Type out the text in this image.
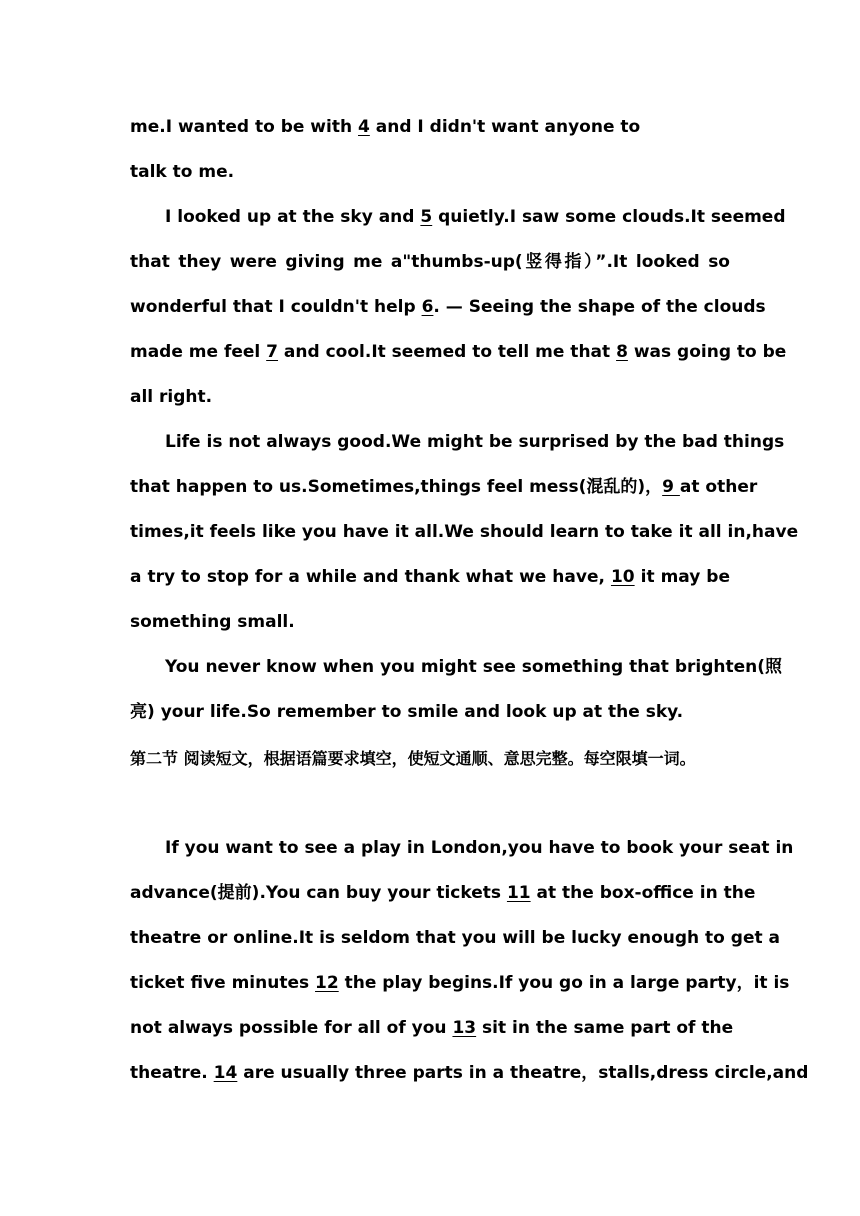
me.I wanted to be with 4 and I didn't want anyone to
talk to me.
I looked up at the sky and 5 quietly.I saw some clouds.It seemed
that they were giving me a"thumbs-up(竖得指）”.It looked so
wonderful that I couldn't help 6. — Seeing the shape of the clouds
made me feel 7 and cool.It seemed to tell me that 8 was going to be
all right.
Life is not always good.We might be surprised by the bad things
that happen to us.Sometimes,things feel mess(混乱的)，9 at other
times,it feels like you have it all.We should learn to take it all in,have
a try to stop for a while and thank what we have, 10 it may be
something small.
You never know when you might see something that brighten(照
亮) your life.So remember to smile and look up at the sky.
第二节 阅读短文，根据语篇要求填空，使短文通顺、意思完整。每空限填一词。
If you want to see a play in London,you have to book your seat in
advance(提前).You can buy your tickets 11 at the box-office in the
theatre or online.It is seldom that you will be lucky enough to get a
ticket five minutes 12 the play begins.If you go in a large party，it is
not always possible for all of you 13 sit in the same part of the
theatre. 14 are usually three parts in a theatre，stalls,dress circle,and
